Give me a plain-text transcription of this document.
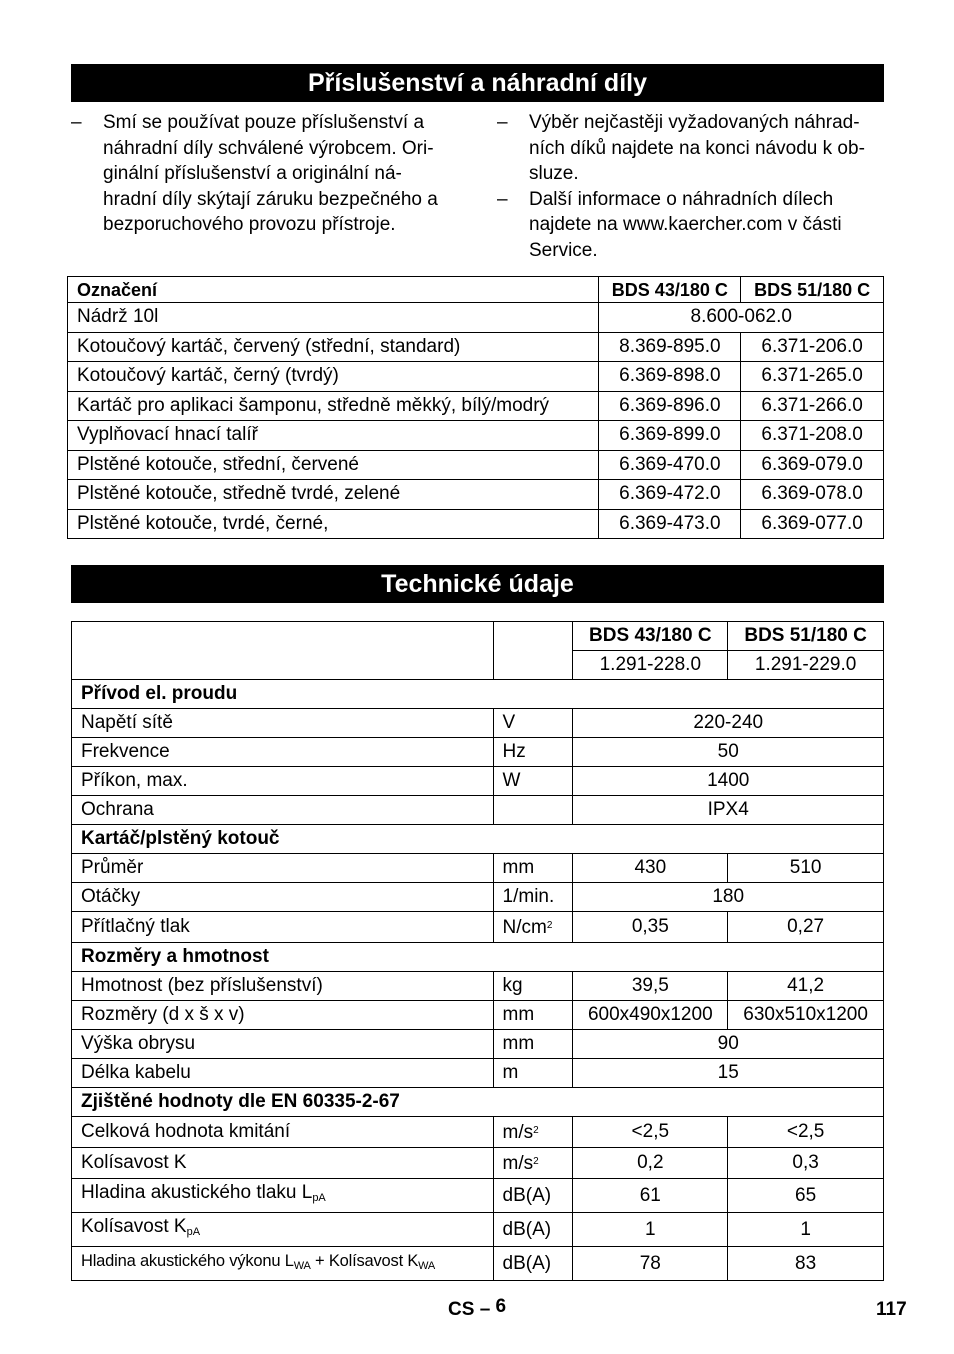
Příslušenství a náhradní díly
– Smí se používat pouze příslušenství a
náhradní díly schválené výrobcem. Ori-
ginální příslušenství a originální ná-
hradní díly skýtají záruku bezpečného a
bezporuchového provozu přístroje.
– Výběr nejčastěji vyžadovaných náhrad-
ních díků najdete na konci návodu k ob-
sluze.
– Další informace o náhradních dílech
najdete na www.kaercher.com v části
Service.
Označení	BDS 43/180 C	BDS 51/180 C
Nádrž 10l	8.600-062.0	
Kotoučový kartáč, červený (střední, standard)	8.369-895.0	6.371-206.0
Kotoučový kartáč, černý (tvrdý)	6.369-898.0	6.371-265.0
Kartáč pro aplikaci šamponu, středně měkký, bílý/modrý	6.369-896.0	6.371-266.0
Vyplňovací hnací talíř	6.369-899.0	6.371-208.0
Plstěné kotouče, střední, červené	6.369-470.0	6.369-079.0
Plstěné kotouče, středně tvrdé, zelené	6.369-472.0	6.369-078.0
Plstěné kotouče, tvrdé, černé,	6.369-473.0	6.369-077.0
Technické údaje
		BDS 43/180 C	BDS 51/180 C
		1.291-228.0	1.291-229.0
Přívod el. proudu			
Napětí sítě	V	220-240	
Frekvence	Hz	50	
Příkon, max.	W	1400	
Ochrana		IPX4	
Kartáč/plstěný kotouč			
Průměr	mm	430	510
Otáčky	1/min.	180	
Přítlačný tlak	$N/cm^2$	0,35	0,27
Rozměry a hmotnost			
Hmotnost (bez příslušenství)	kg	39,5	41,2
Rozměry (d x š x v)	mm	600x490x1200	630x510x1200
Výška obrysu	mm	90	
Délka kabelu	m	15	
Zjištěné hodnoty dle EN 60335-2-67			
Celková hodnota kmitání	$m/s^2$	<2,5	<2,5
Kolísavost K	$m/s^2$	0,2	0,3
Hladina akustického tlaku $L_{pA}$	dB(A)	61	65
Kolísavost $K_{pA}$	dB(A)	1	1
Hladina akustického výkonu $L_{WA}$ + Kolísavost $K_{WA}$	dB(A)	78	83
CS – 6	117
